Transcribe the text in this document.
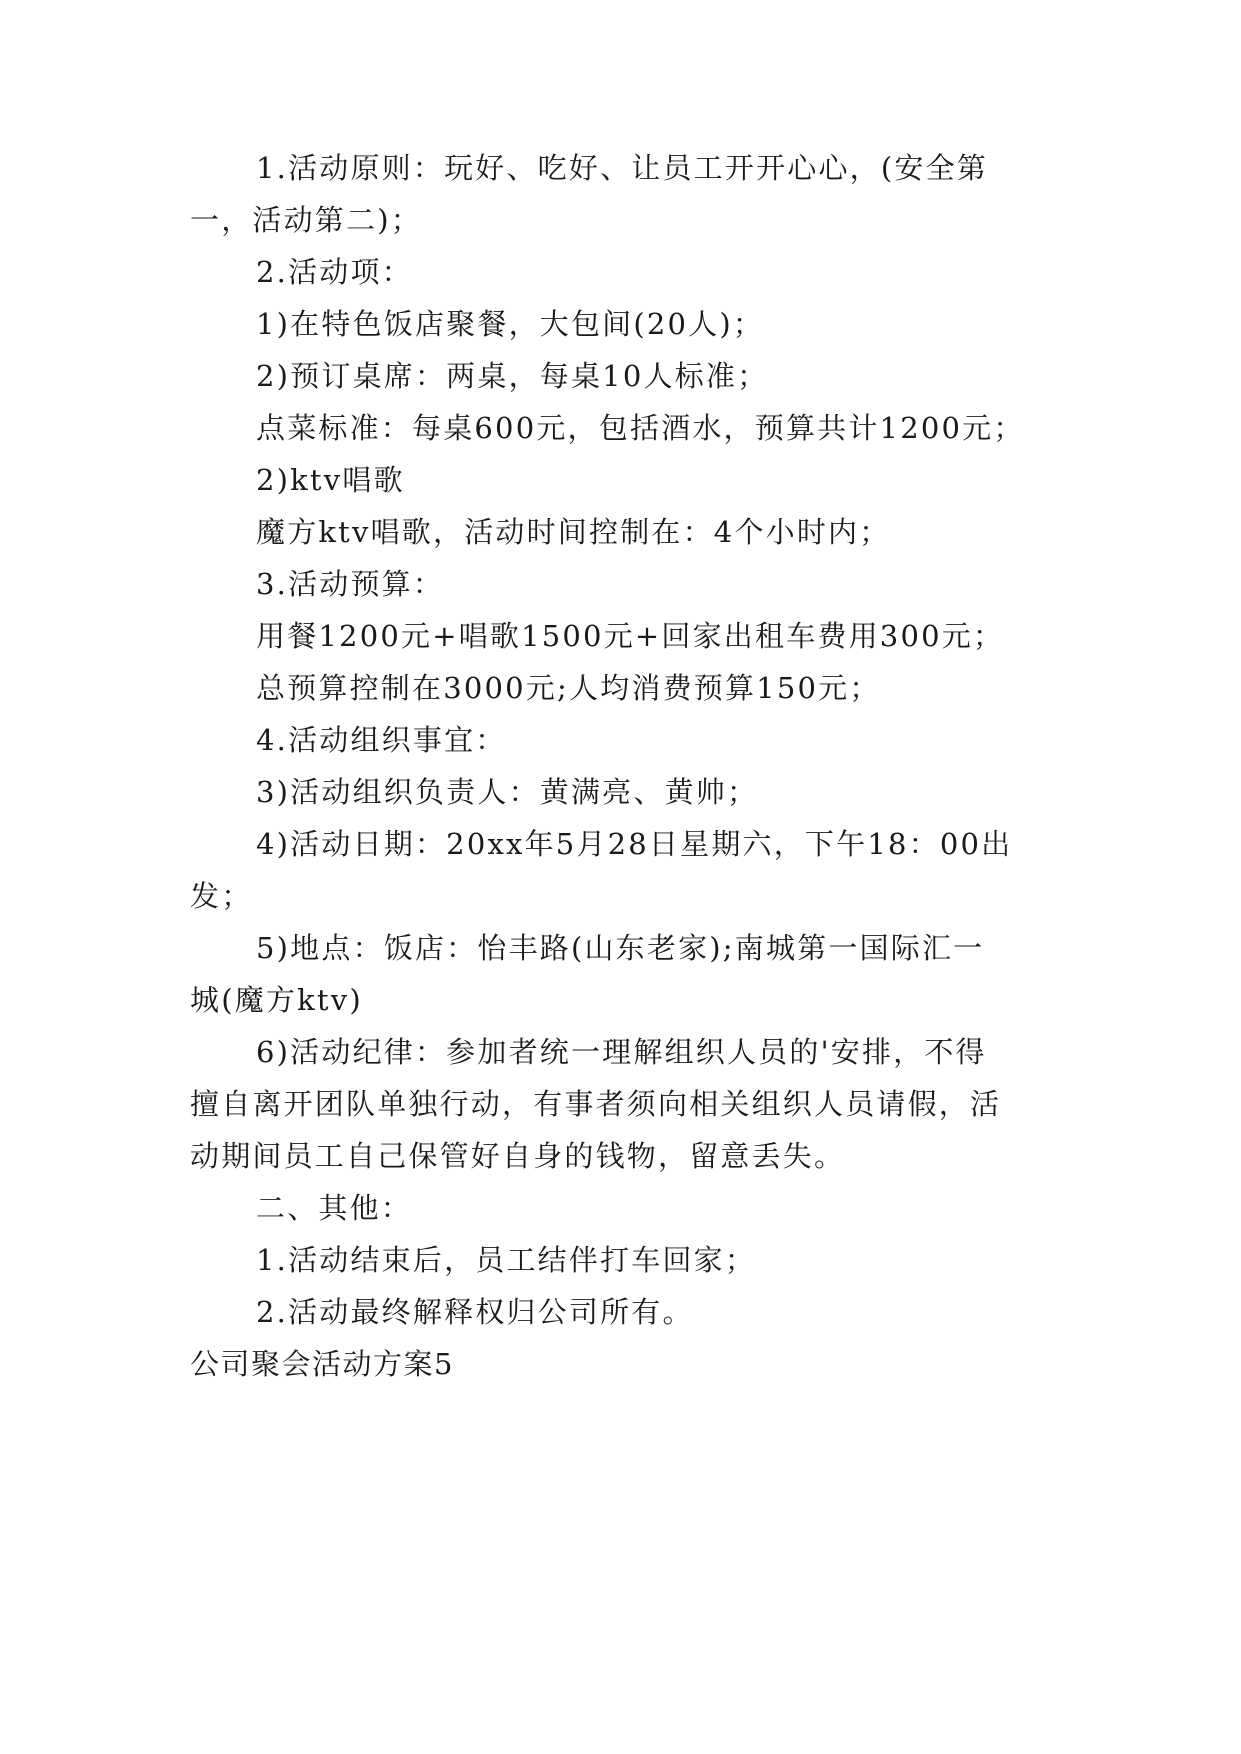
1.活动原则：玩好、吃好、让员工开开心心，(安全第
一，活动第二)；
2.活动项：
1)在特色饭店聚餐，大包间(20人)；
2)预订桌席：两桌，每桌10人标准；
点菜标准：每桌600元，包括酒水，预算共计1200元；
2)ktv唱歌
魔方ktv唱歌，活动时间控制在：4个小时内；
3.活动预算：
用餐1200元+唱歌1500元+回家出租车费用300元；
总预算控制在3000元;人均消费预算150元；
4.活动组织事宜：
3)活动组织负责人：黄满亮、黄帅；
4)活动日期：20xx年5月28日星期六，下午18：00出
发；
5)地点：饭店：怡丰路(山东老家);南城第一国际汇一
城(魔方ktv)
6)活动纪律：参加者统一理解组织人员的'安排，不得
擅自离开团队单独行动，有事者须向相关组织人员请假，活
动期间员工自己保管好自身的钱物，留意丢失。
二、其他：
1.活动结束后，员工结伴打车回家；
2.活动最终解释权归公司所有。
公司聚会活动方案5
